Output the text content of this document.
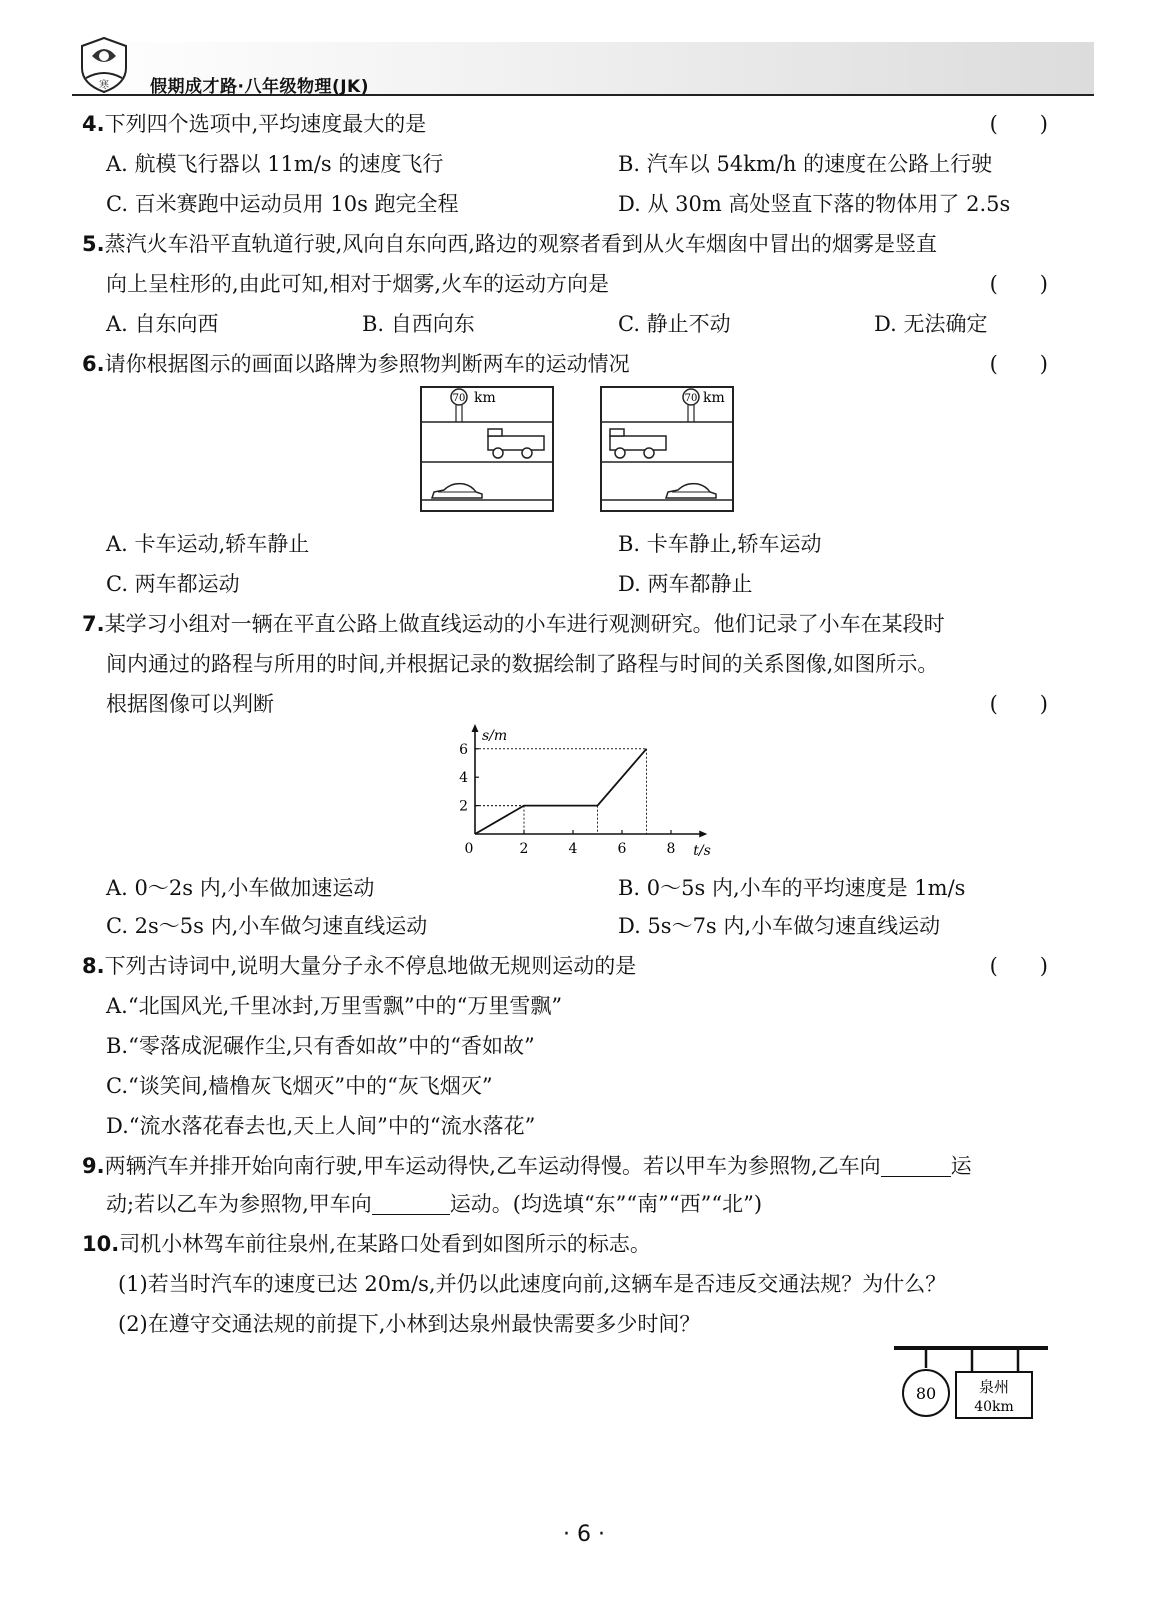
寒 假期成才路·八年级物理(JK)
4.下列四个选项中,平均速度最大的是	(　　)
A. 航模飞行器以 11m/s 的速度飞行	B. 汽车以 54km/h 的速度在公路上行驶
C. 百米赛跑中运动员用 10s 跑完全程	D. 从 30m 高处竖直下落的物体用了 2.5s
5.蒸汽火车沿平直轨道行驶,风向自东向西,路边的观察者看到从火车烟囱中冒出的烟雾是竖直
向上呈柱形的,由此可知,相对于烟雾,火车的运动方向是	(　　)
A. 自东向西	B. 自西向东	C. 静止不动	D. 无法确定
6.请你根据图示的画面以路牌为参照物判断两车的运动情况	(　　)
70 km	70 km
A. 卡车运动,轿车静止	B. 卡车静止,轿车运动
C. 两车都运动	D. 两车都静止
7.某学习小组对一辆在平直公路上做直线运动的小车进行观测研究。他们记录了小车在某段时
间内通过的路程与所用的时间,并根据记录的数据绘制了路程与时间的关系图像,如图所示。
根据图像可以判断	(　　)
0	2	4	6	8
2
4
6
t/s
s/m
A. 0～2s 内,小车做加速运动	B. 0～5s 内,小车的平均速度是 1m/s
C. 2s～5s 内,小车做匀速直线运动	D. 5s～7s 内,小车做匀速直线运动
8.下列古诗词中,说明大量分子永不停息地做无规则运动的是	(　　)
A.“北国风光,千里冰封,万里雪飘”中的“万里雪飘”
B.“零落成泥碾作尘,只有香如故”中的“香如故”
C.“谈笑间,樯橹灰飞烟灭”中的“灰飞烟灭”
D.“流水落花春去也,天上人间”中的“流水落花”
9.两辆汽车并排开始向南行驶,甲车运动得快,乙车运动得慢。若以甲车为参照物,乙车向	运
动;若以乙车为参照物,甲车向	运动。(均选填“东”“南”“西”“北”)
10.司机小林驾车前往泉州,在某路口处看到如图所示的标志。
(1)若当时汽车的速度已达 20m/s,并仍以此速度向前,这辆车是否违反交通法规？为什么？
(2)在遵守交通法规的前提下,小林到达泉州最快需要多少时间？
80	泉州
40km
· 6 ·
